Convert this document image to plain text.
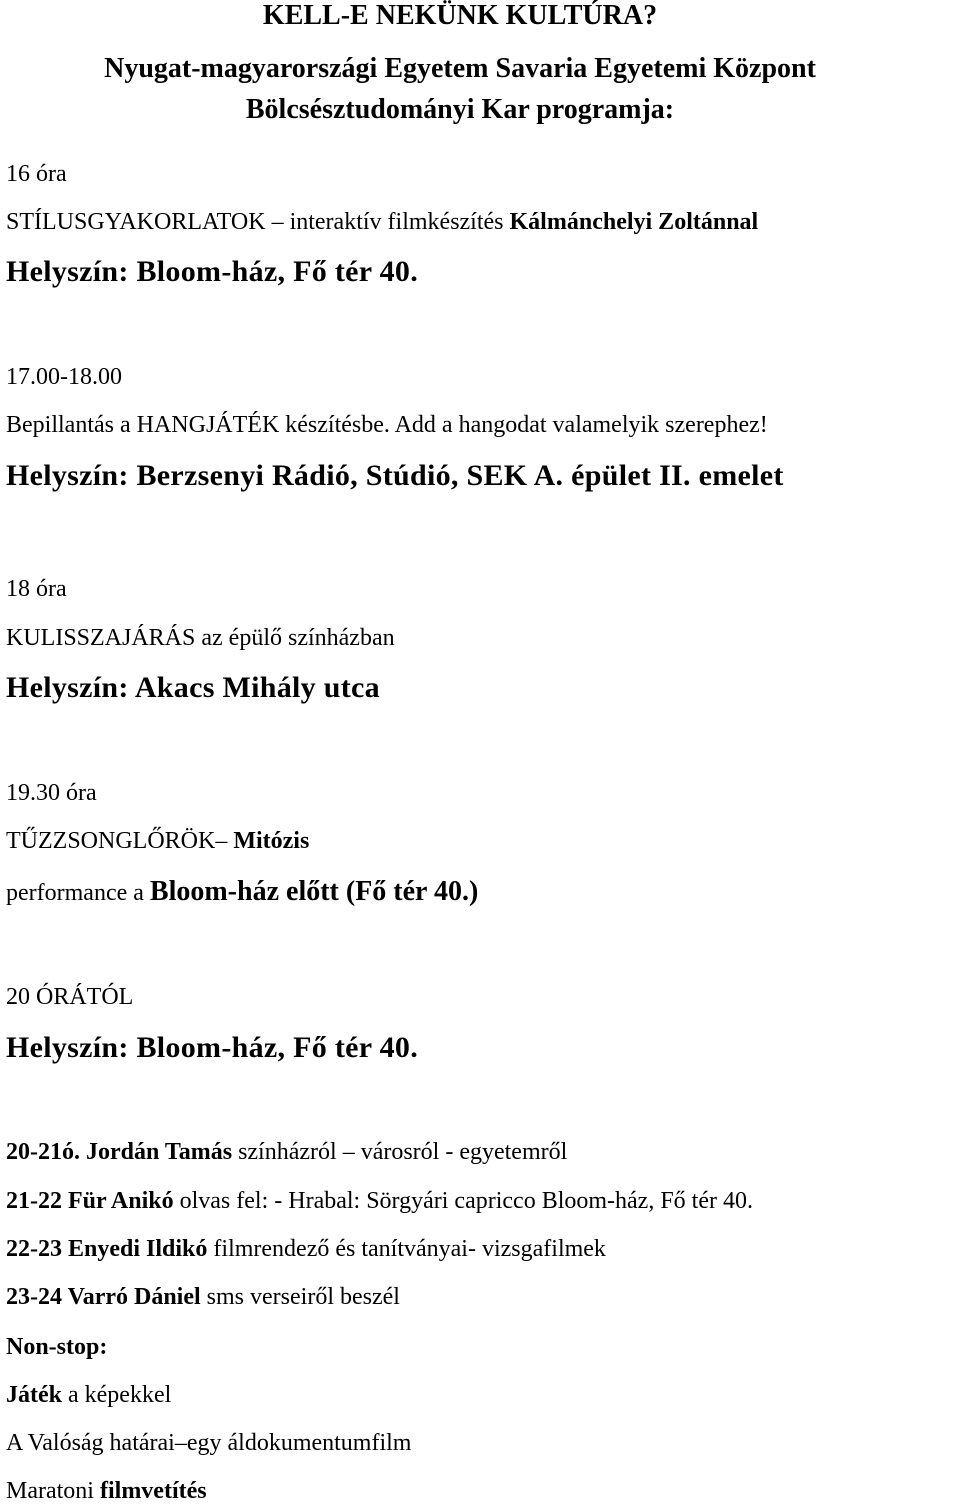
KELL-E NEKÜNK KULTÚRA?
Nyugat-magyarországi Egyetem Savaria Egyetemi Központ
Bölcsésztudományi Kar programja:
16 óra
STÍLUSGYAKORLATOK – interaktív filmkészítés Kálmánchelyi Zoltánnal
Helyszín: Bloom-ház, Fő tér 40.
17.00-18.00
Bepillantás a HANGJÁTÉK készítésbe. Add a hangodat valamelyik szerephez!
Helyszín: Berzsenyi Rádió, Stúdió, SEK A. épület II. emelet
18 óra
KULISSZAJÁRÁS az épülő színházban
Helyszín: Akacs Mihály utca
19.30 óra
TŰZZSONGLŐRÖK– Mitózis
performance a Bloom-ház előtt (Fő tér 40.)
20 ÓRÁTÓL
Helyszín: Bloom-ház, Fő tér 40.
20-21ó. Jordán Tamás színházról – városról - egyetemről
21-22 Für Anikó olvas fel: - Hrabal: Sörgyári capricco Bloom-ház, Fő tér 40.
22-23 Enyedi Ildikó filmrendező és tanítványai- vizsgafilmek
23-24 Varró Dániel sms verseiről beszél
Non-stop:
Játék a képekkel
A Valóság határai–egy áldokumentumfilm
Maratoni filmvetítés
